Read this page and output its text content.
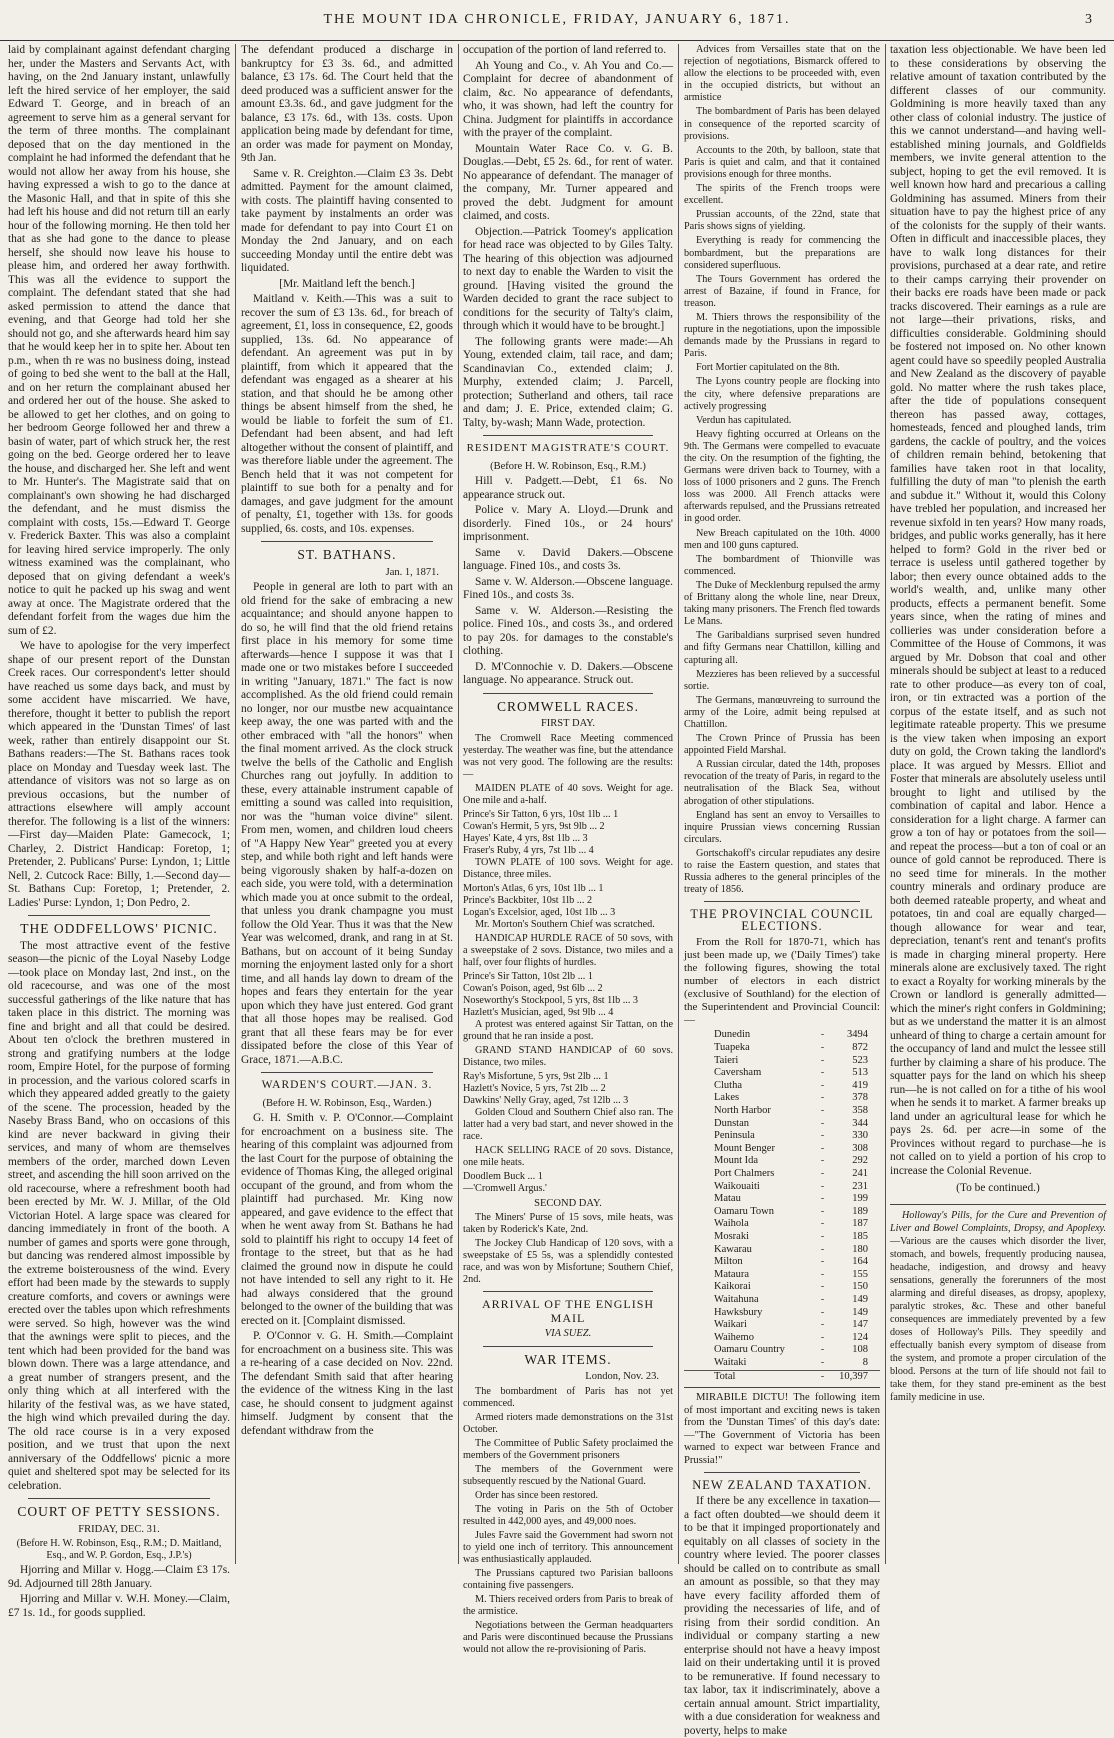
THE MOUNT IDA CHRONICLE, FRIDAY, JANUARY 6, 1871.	3

laid by complainant against defendant charging her, under the Masters and Servants Act, with having, on the 2nd January instant, unlawfully left the hired service of her employer, the said Edward T. George, and in breach of an agreement to serve him as a general servant for the term of three months. The complainant deposed that on the day mentioned in the complaint he had informed the defendant that he would not allow her away from his house, she having expressed a wish to go to the dance at the Masonic Hall, and that in spite of this she had left his house and did not return till an early hour of the following morning. He then told her that as she had gone to the dance to please herself, she should now leave his house to please him, and ordered her away forthwith. This was all the evidence to support the complaint. The defendant stated that she had asked permission to attend the dance that evening, and that George had told her she should not go, and she afterwards heard him say that he would keep her in to spite her. About ten p.m., when th re was no business doing, instead of going to bed she went to the ball at the Hall, and on her return the complainant abused her and ordered her out of the house. She asked to be allowed to get her clothes, and on going to her bedroom George followed her and threw a basin of water, part of which struck her, the rest going on the bed. George ordered her to leave the house, and discharged her. She left and went to Mr. Hunter's. The Magistrate said that on complainant's own showing he had discharged the defendant, and he must dismiss the complaint with costs, 15s.—Edward T. George v. Frederick Baxter. This was also a complaint for leaving hired service improperly. The only witness examined was the complainant, who deposed that on giving defendant a week's notice to quit he packed up his swag and went away at once. The Magistrate ordered that the defendant forfeit from the wages due him the sum of £2.

We have to apologise for the very imperfect shape of our present report of the Dunstan Creek races. Our correspondent's letter should have reached us some days back, and must by some accident have miscarried. We have, therefore, thought it better to publish the report which appeared in the 'Dunstan Times' of last week, rather than entirely disappoint our St. Bathans readers:—The St. Bathans races took place on Monday and Tuesday week last. The attendance of visitors was not so large as on previous occasions, but the number of attractions elsewhere will amply account therefor. The following is a list of the winners:—First day—Maiden Plate: Gamecock, 1; Charley, 2. District Handicap: Foretop, 1; Pretender, 2. Publicans' Purse: Lyndon, 1; Little Nell, 2. Cutcock Race: Billy, 1.—Second day—St. Bathans Cup: Foretop, 1; Pretender, 2. Ladies' Purse: Lyndon, 1; Don Pedro, 2.

THE ODDFELLOWS' PICNIC.

The most attractive event of the festive season—the picnic of the Loyal Naseby Lodge—took place on Monday last, 2nd inst., on the old racecourse, and was one of the most successful gatherings of the like nature that has taken place in this district. The morning was fine and bright and all that could be desired. About ten o'clock the brethren mustered in strong and gratifying numbers at the lodge room, Empire Hotel, for the purpose of forming in procession, and the various colored scarfs in which they appeared added greatly to the gaiety of the scene. The procession, headed by the Naseby Brass Band, who on occasions of this kind are never backward in giving their services, and many of whom are themselves members of the order, marched down Leven street, and ascending the hill soon arrived on the old racecourse, where a refreshment booth had been erected by Mr. W. J. Millar, of the Old Victorian Hotel. A large space was cleared for dancing immediately in front of the booth. A number of games and sports were gone through, but dancing was rendered almost impossible by the extreme boisterousness of the wind. Every effort had been made by the stewards to supply creature comforts, and covers or awnings were erected over the tables upon which refreshments were served. So high, however was the wind that the awnings were split to pieces, and the tent which had been provided for the band was blown down. There was a large attendance, and a great number of strangers present, and the only thing which at all interfered with the hilarity of the festival was, as we have stated, the high wind which prevailed during the day. The old race course is in a very exposed position, and we trust that upon the next anniversary of the Oddfellows' picnic a more quiet and sheltered spot may be selected for its celebration.

COURT OF PETTY SESSIONS.
FRIDAY, DEC. 31.

(Before H. W. Robinson, Esq., R.M.; D. Maitland, Esq., and W. P. Gordon, Esq., J.P.'s)

Hjorring and Millar v. Hogg.—Claim £3 17s. 9d. Adjourned till 28th January.

Hjorring and Millar v. W.H. Money.—Claim, £7 1s. 1d., for goods supplied.

The defendant produced a discharge in bankruptcy for £3 3s. 6d., and admitted balance, £3 17s. 6d. The Court held that the deed produced was a sufficient answer for the amount £3.3s. 6d., and gave judgment for the balance, £3 17s. 6d., with 13s. costs. Upon application being made by defendant for time, an order was made for payment on Monday, 9th Jan.

Same v. R. Creighton.—Claim £3 3s. Debt admitted. Payment for the amount claimed, with costs. The plaintiff having consented to take payment by instalments an order was made for defendant to pay into Court £1 on Monday the 2nd January, and on each succeeding Monday until the entire debt was liquidated.

[Mr. Maitland left the bench.]

Maitland v. Keith.—This was a suit to recover the sum of £3 13s. 6d., for breach of agreement, £1, loss in consequence, £2, goods supplied, 13s. 6d. No appearance of defendant. An agreement was put in by plaintiff, from which it appeared that the defendant was engaged as a shearer at his station, and that should he be among other things be absent himself from the shed, he would be liable to forfeit the sum of £1. Defendant had been absent, and had left altogether without the consent of plaintiff, and was therefore liable under the agreement. The Bench held that it was not competent for plaintiff to sue both for a penalty and for damages, and gave judgment for the amount of penalty, £1, together with 13s. for goods supplied, 6s. costs, and 10s. expenses.

ST. BATHANS.
Jan. 1, 1871.

People in general are loth to part with an old friend for the sake of embracing a new acquaintance; and should anyone happen to do so, he will find that the old friend retains first place in his memory for some time afterwards—hence I suppose it was that I made one or two mistakes before I succeeded in writing "January, 1871." The fact is now accomplished. As the old friend could remain no longer, nor our mustbe new acquaintance keep away, the one was parted with and the other embraced with "all the honors" when the final moment arrived. As the clock struck twelve the bells of the Catholic and English Churches rang out joyfully. In addition to these, every attainable instrument capable of emitting a sound was called into requisition, nor was the "human voice divine" silent. From men, women, and children loud cheers of "A Happy New Year" greeted you at every step, and while both right and left hands were being vigorously shaken by half-a-dozen on each side, you were told, with a determination which made you at once submit to the ordeal, that unless you drank champagne you must follow the Old Year. Thus it was that the New Year was welcomed, drank, and rang in at St. Bathans, but on account of it being Sunday morning the enjoyment lasted only for a short time, and all hands lay down to dream of the hopes and fears they entertain for the year upon which they have just entered. God grant that all those hopes may be realised. God grant that all these fears may be for ever dissipated before the close of this Year of Grace, 1871.—A.B.C.

WARDEN'S COURT.—JAN. 3.
(Before H. W. Robinson, Esq., Warden.)

G. H. Smith v. P. O'Connor.—Complaint for encroachment on a business site. The hearing of this complaint was adjourned from the last Court for the purpose of obtaining the evidence of Thomas King, the alleged original occupant of the ground, and from whom the plaintiff had purchased. Mr. King now appeared, and gave evidence to the effect that when he went away from St. Bathans he had sold to plaintiff his right to occupy 14 feet of frontage to the street, but that as he had claimed the ground now in dispute he could not have intended to sell any right to it. He had always considered that the ground belonged to the owner of the building that was erected on it. [Complaint dismissed.

P. O'Connor v. G. H. Smith.—Complaint for encroachment on a business site. This was a re-hearing of a case decided on Nov. 22nd. The defendant Smith said that after hearing the evidence of the witness King in the last case, he should consent to judgment against himself. Judgment by consent that the defendant withdraw from the

occupation of the portion of land referred to.

Ah Young and Co., v. Ah You and Co.—Complaint for decree of abandonment of claim, &c. No appearance of defendants, who, it was shown, had left the country for China. Judgment for plaintiffs in accordance with the prayer of the complaint.

Mountain Water Race Co. v. G. B. Douglas.—Debt, £5 2s. 6d., for rent of water. No appearance of defendant. The manager of the company, Mr. Turner appeared and proved the debt. Judgment for amount claimed, and costs.

Objection.—Patrick Toomey's application for head race was objected to by Giles Talty. The hearing of this objection was adjourned to next day to enable the Warden to visit the ground. [Having visited the ground the Warden decided to grant the race subject to conditions for the security of Talty's claim, through which it would have to be brought.]

The following grants were made:—Ah Young, extended claim, tail race, and dam; Scandinavian Co., extended claim; J. Murphy, extended claim; J. Parcell, protection; Sutherland and others, tail race and dam; J. E. Price, extended claim; G. Talty, by-wash; Mann Wade, protection.

RESIDENT MAGISTRATE'S COURT.
(Before H. W. Robinson, Esq., R.M.)

Hill v. Padgett.—Debt, £1 6s. No appearance struck out.

Police v. Mary A. Lloyd.—Drunk and disorderly. Fined 10s., or 24 hours' imprisonment.

Same v. David Dakers.—Obscene language. Fined 10s., and costs 3s.

Same v. W. Alderson.—Obscene language. Fined 10s., and costs 3s.

Same v. W. Alderson.—Resisting the police. Fined 10s., and costs 3s., and ordered to pay 20s. for damages to the constable's clothing.

D. M'Connochie v. D. Dakers.—Obscene language. No appearance. Struck out.

CROMWELL RACES.
FIRST DAY.

The Cromwell Race Meeting commenced yesterday. The weather was fine, but the attendance was not very good. The following are the results:—

MAIDEN PLATE of 40 sovs. Weight for age. One mile and a-half.

Prince's Sir Tatton, 6 yrs, 10st 1lb ... 1

Cowan's Hermit, 5 yrs, 9st 9lb ... 2

Hayes' Kate, 4 yrs, 8st 1lb ... 3

Fraser's Ruby, 4 yrs, 7st 1lb ... 4

TOWN PLATE of 100 sovs. Weight for age. Distance, three miles.

Morton's Atlas, 6 yrs, 10st 1lb ... 1

Prince's Backbiter, 10st 1lb ... 2

Logan's Excelsior, aged, 10st 1lb ... 3

Mr. Morton's Southern Chief was scratched.

HANDICAP HURDLE RACE of 50 sovs, with a sweepstake of 2 sovs. Distance, two miles and a half, over four flights of hurdles.

Prince's Sir Tatton, 10st 2lb ... 1

Cowan's Poison, aged, 9st 6lb ... 2

Noseworthy's Stockpool, 5 yrs, 8st 1lb ... 3

Hazlett's Musician, aged, 9st 9lb ... 4

A protest was entered against Sir Tattan, on the ground that he ran inside a post.

GRAND STAND HANDICAP of 60 sovs. Distance, two miles.

Ray's Misfortune, 5 yrs, 9st 2lb ... 1

Hazlett's Novice, 5 yrs, 7st 2lb ... 2

Dawkins' Nelly Gray, aged, 7st 12lb ... 3

Golden Cloud and Southern Chief also ran. The latter had a very bad start, and never showed in the race.

HACK SELLING RACE of 20 sovs. Distance, one mile heats.

Doodlem Buck ... 1

—'Cromwell Argus.'

SECOND DAY.

The Miners' Purse of 15 sovs, mile heats, was taken by Roderick's Kate, 2nd.

The Jockey Club Handicap of 120 sovs, with a sweepstake of £5 5s, was a splendidly contested race, and was won by Misfortune; Southern Chief, 2nd.

ARRIVAL OF THE ENGLISH MAIL
VIA SUEZ.
WAR ITEMS.
London, Nov. 23.

The bombardment of Paris has not yet commenced.

Armed rioters made demonstrations on the 31st October.

The Committee of Public Safety proclaimed the members of the Government prisoners

The members of the Government were subsequently rescued by the National Guard.

Order has since been restored.

The voting in Paris on the 5th of October resulted in 442,000 ayes, and 49,000 noes.

Jules Favre said the Government had sworn not to yield one inch of territory. This announcement was enthusiastically applauded.

The Prussians captured two Parisian balloons containing five passengers.

M. Thiers received orders from Paris to break of the armistice.

Negotiations between the German headquarters and Paris were discontinued because the Prussians would not allow the re-provisioning of Paris.

Advices from Versailles state that on the rejection of negotiations, Bismarck offered to allow the elections to be proceeded with, even in the occupied districts, but without an armistice

The bombardment of Paris has been delayed in consequence of the reported scarcity of provisions.

Accounts to the 20th, by balloon, state that Paris is quiet and calm, and that it contained provisions enough for three months.

The spirits of the French troops were excellent.

Prussian accounts, of the 22nd, state that Paris shows signs of yielding.

Everything is ready for commencing the bombardment, but the preparations are considered superfluous.

The Tours Government has ordered the arrest of Bazaine, if found in France, for treason.

M. Thiers throws the responsibility of the rupture in the negotiations, upon the impossible demands made by the Prussians in regard to Paris.

Fort Mortier capitulated on the 8th.

The Lyons country people are flocking into the city, where defensive preparations are actively progressing

Verdun has capitulated.

Heavy fighting occurred at Orleans on the 9th. The Germans were compelled to evacuate the city. On the resumption of the fighting, the Germans were driven back to Tourney, with a loss of 1000 prisoners and 2 guns. The French loss was 2000. All French attacks were afterwards repulsed, and the Prussians retreated in good order.

New Breach capitulated on the 10th. 4000 men and 100 guns captured.

The bombardment of Thionville was commenced.

The Duke of Mecklenburg repulsed the army of Brittany along the whole line, near Dreux, taking many prisoners. The French fled towards Le Mans.

The Garibaldians surprised seven hundred and fifty Germans near Chattillon, killing and capturing all.

Mezzieres has been relieved by a successful sortie.

The Germans, manœuvreing to surround the army of the Loire, admit being repulsed at Chattillon.

The Crown Prince of Prussia has been appointed Field Marshal.

A Russian circular, dated the 14th, proposes revocation of the treaty of Paris, in regard to the neutralisation of the Black Sea, without abrogation of other stipulations.

England has sent an envoy to Versailles to inquire Prussian views concerning Russian circulars.

Gortschakoff's circular repudiates any desire to raise the Eastern question, and states that Russia adheres to the general principles of the treaty of 1856.

THE PROVINCIAL COUNCIL ELECTIONS.

From the Roll for 1870-71, which has just been made up, we ('Daily Times') take the following figures, showing the total number of electors in each district (exclusive of Southland) for the election of the Superintendent and Provincial Council:—

Dunedin	-	3494
Tuapeka	-	872
Taieri	-	523
Caversham	-	513
Clutha	-	419
Lakes	-	378
North Harbor	-	358
Dunstan	-	344
Peninsula	-	330
Mount Benger	-	308
Mount Ida	-	292
Port Chalmers	-	241
Waikouaiti	-	231
Matau	-	199
Oamaru Town	-	189
Waihola	-	187
Mosraki	-	185
Kawarau	-	180
Milton	-	164
Mataura	-	155
Kaikorai	-	150
Waitahuna	-	149
Hawksbury	-	149
Waikari	-	147
Waihemo	-	124
Oamaru Country	-	108
Waitaki	-	8
Total	-	10,397

MIRABILE DICTU! The following item of most important and exciting news is taken from the 'Dunstan Times' of this day's date:—"The Government of Victoria has been warned to expect war between France and Prussia!"

NEW ZEALAND TAXATION.

If there be any excellence in taxation—a fact often doubted—we should deem it to be that it impinged proportionately and equitably on all classes of society in the country where levied. The poorer classes should be called on to contribute as small an amount as possible, so that they may have every facility afforded them of providing the necessaries of life, and of rising from their sordid condition. An individual or company starting a new enterprise should not have a heavy impost laid on their undertaking until it is proved to be remunerative. If found necessary to tax labor, tax it indiscriminately, above a certain annual amount. Strict impartiality, with a due consideration for weakness and poverty, helps to make

taxation less objectionable. We have been led to these considerations by observing the relative amount of taxation contributed by the different classes of our community. Goldmining is more heavily taxed than any other class of colonial industry. The justice of this we cannot understand—and having well-established mining journals, and Goldfields members, we invite general attention to the subject, hoping to get the evil removed. It is well known how hard and precarious a calling Goldmining has assumed. Miners from their situation have to pay the highest price of any of the colonists for the supply of their wants. Often in difficult and inaccessible places, they have to walk long distances for their provisions, purchased at a dear rate, and retire to their camps carrying their provender on their backs ere roads have been made or pack tracks discovered. Their earnings as a rule are not large—their privations, risks, and difficulties considerable. Goldmining should be fostered not imposed on. No other known agent could have so speedily peopled Australia and New Zealand as the discovery of payable gold. No matter where the rush takes place, after the tide of populations consequent thereon has passed away, cottages, homesteads, fenced and ploughed lands, trim gardens, the cackle of poultry, and the voices of children remain behind, betokening that families have taken root in that locality, fulfilling the duty of man "to plenish the earth and subdue it." Without it, would this Colony have trebled her population, and increased her revenue sixfold in ten years? How many roads, bridges, and public works generally, has it here helped to form? Gold in the river bed or terrace is useless until gathered together by labor; then every ounce obtained adds to the world's wealth, and, unlike many other products, effects a permanent benefit. Some years since, when the rating of mines and collieries was under consideration before a Committee of the House of Commons, it was argued by Mr. Dobson that coal and other minerals should be subject at least to a reduced rate to other produce—as every ton of coal, iron, or tin extracted was a portion of the corpus of the estate itself, and as such not legitimate rateable property. This we presume is the view taken when imposing an export duty on gold, the Crown taking the landlord's place. It was argued by Messrs. Elliot and Foster that minerals are absolutely useless until brought to light and utilised by the combination of capital and labor. Hence a consideration for a light charge. A farmer can grow a ton of hay or potatoes from the soil—and repeat the process—but a ton of coal or an ounce of gold cannot be reproduced. There is no seed time for minerals. In the mother country minerals and ordinary produce are both deemed rateable property, and wheat and potatoes, tin and coal are equally charged—though allowance for wear and tear, depreciation, tenant's rent and tenant's profits is made in charging mineral property. Here minerals alone are exclusively taxed. The right to exact a Royalty for working minerals by the Crown or landlord is generally admitted—which the miner's right confers in Goldmining; but as we understand the matter it is an almost unheard of thing to charge a certain amount for the occupancy of land and mulct the lessee still further by claiming a share of his produce. The squatter pays for the land on which his sheep run—he is not called on for a tithe of his wool when he sends it to market. A farmer breaks up land under an agricultural lease for which he pays 2s. 6d. per acre—in some of the Provinces without regard to purchase—he is not called on to yield a portion of his crop to increase the Colonial Revenue.

(To be continued.)

Holloway's Pills, for the Cure and Prevention of Liver and Bowel Complaints, Dropsy, and Apoplexy.—Various are the causes which disorder the liver, stomach, and bowels, frequently producing nausea, headache, indigestion, and drowsy and heavy sensations, generally the forerunners of the most alarming and direful diseases, as dropsy, apoplexy, paralytic strokes, &c. These and other baneful consequences are immediately prevented by a few doses of Holloway's Pills. They speedily and effectually banish every symptom of disease from the system, and promote a proper circulation of the blood. Persons at the turn of life should not fail to take them, for they stand pre-eminent as the best family medicine in use.
